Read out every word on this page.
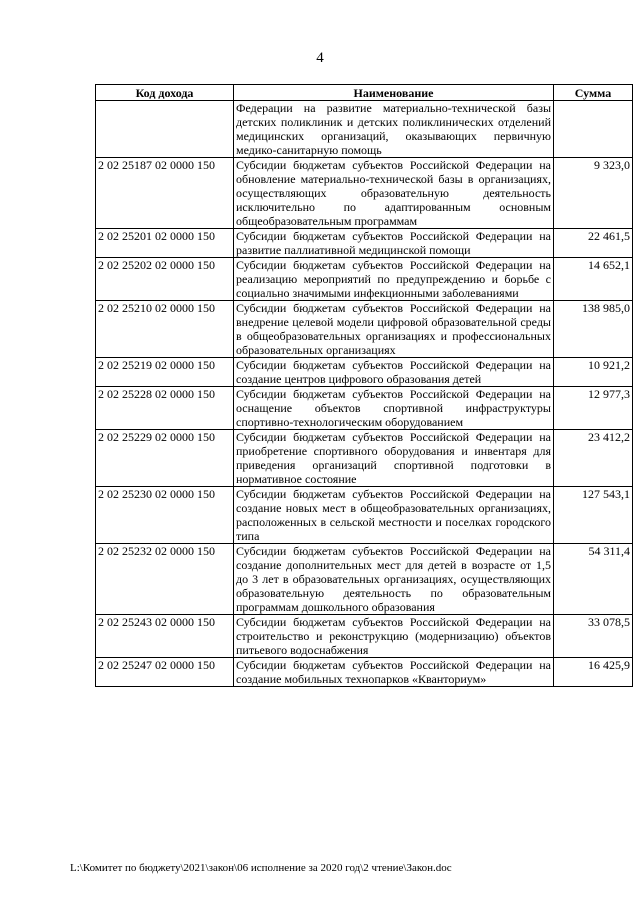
4
Код дохода	Наименование	Сумма
	Федерации на развитие материально-технической базы детских поликлиник и детских поликлинических отделений медицинских организаций, оказывающих первичную медико-санитарную помощь	
2 02 25187 02 0000 150	Субсидии бюджетам субъектов Российской Федерации на обновление материально-технической базы в организациях, осуществляющих образовательную деятельность исключительно по адаптированным основным общеобразовательным программам	9 323,0
2 02 25201 02 0000 150	Субсидии бюджетам субъектов Российской Федерации на развитие паллиативной медицинской помощи	22 461,5
2 02 25202 02 0000 150	Субсидии бюджетам субъектов Российской Федерации на реализацию мероприятий по предупреждению и борьбе с социально значимыми инфекционными заболеваниями	14 652,1
2 02 25210 02 0000 150	Субсидии бюджетам субъектов Российской Федерации на внедрение целевой модели цифровой образовательной среды в общеобразовательных организациях и профессиональных образовательных организациях	138 985,0
2 02 25219 02 0000 150	Субсидии бюджетам субъектов Российской Федерации на создание центров цифрового образования детей	10 921,2
2 02 25228 02 0000 150	Субсидии бюджетам субъектов Российской Федерации на оснащение объектов спортивной инфраструктуры спортивно-технологическим оборудованием	12 977,3
2 02 25229 02 0000 150	Субсидии бюджетам субъектов Российской Федерации на приобретение спортивного оборудования и инвентаря для приведения организаций спортивной подготовки в нормативное состояние	23 412,2
2 02 25230 02 0000 150	Субсидии бюджетам субъектов Российской Федерации на создание новых мест в общеобразовательных организациях, расположенных в сельской местности и поселках городского типа	127 543,1
2 02 25232 02 0000 150	Субсидии бюджетам субъектов Российской Федерации на создание дополнительных мест для детей в возрасте от 1,5 до 3 лет в образовательных организациях, осуществляющих образовательную деятельность по образовательным программам дошкольного образования	54 311,4
2 02 25243 02 0000 150	Субсидии бюджетам субъектов Российской Федерации на строительство и реконструкцию (модернизацию) объектов питьевого водоснабжения	33 078,5
2 02 25247 02 0000 150	Субсидии бюджетам субъектов Российской Федерации на создание мобильных технопарков «Кванториум»	16 425,9
L:\Комитет по бюджету\2021\закон\06 исполнение за 2020 год\2 чтение\Закон.doc
